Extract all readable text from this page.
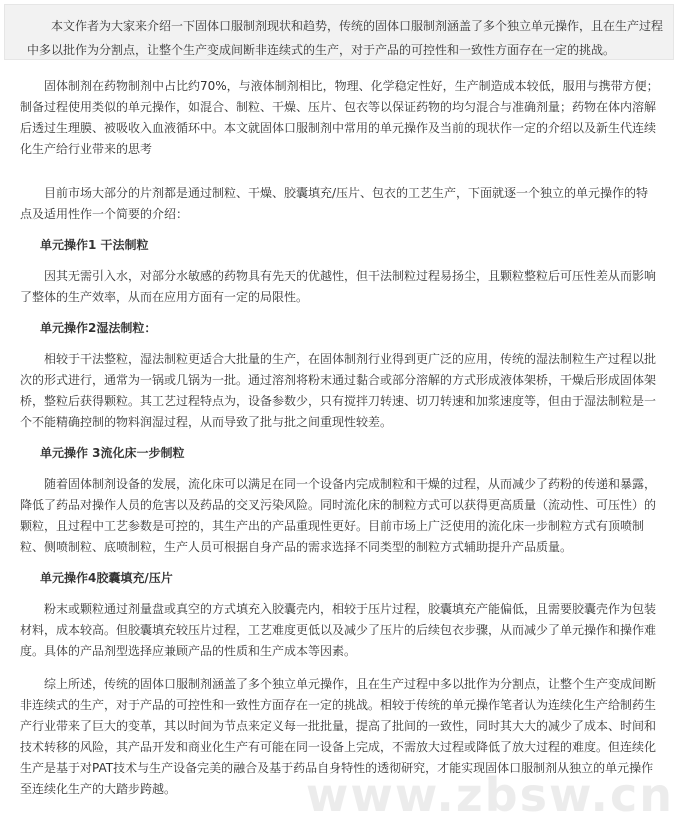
本文作者为大家来介绍一下固体口服制剂现状和趋势，传统的固体口服制剂涵盖了多个独立单元操作，且在生产过程中多以批作为分割点，让整个生产变成间断非连续式的生产，对于产品的可控性和一致性方面存在一定的挑战。

固体制剂在药物制剂中占比约70%，与液体制剂相比，物理、化学稳定性好，生产制造成本较低，服用与携带方便；制备过程使用类似的单元操作，如混合、制粒、干燥、压片、包衣等以保证药物的均匀混合与准确剂量；药物在体内溶解后透过生理膜、被吸收入血液循环中。本文就固体口服制剂中常用的单元操作及当前的现状作一定的介绍以及新生代连续化生产给行业带来的思考

目前市场大部分的片剂都是通过制粒、干燥、胶囊填充/压片、包衣的工艺生产，下面就逐一个独立的单元操作的特点及适用性作一个简要的介绍：

单元操作1 干法制粒

因其无需引入水，对部分水敏感的药物具有先天的优越性，但干法制粒过程易扬尘，且颗粒整粒后可压性差从而影响了整体的生产效率，从而在应用方面有一定的局限性。

单元操作2湿法制粒：

相较于干法整粒，湿法制粒更适合大批量的生产，在固体制剂行业得到更广泛的应用，传统的湿法制粒生产过程以批次的形式进行，通常为一锅或几锅为一批。通过溶剂将粉末通过黏合或部分溶解的方式形成液体架桥，干燥后形成固体架桥，整粒后获得颗粒。其工艺过程特点为，设备参数少，只有搅拌刀转速、切刀转速和加浆速度等，但由于湿法制粒是一个不能精确控制的物料润湿过程，从而导致了批与批之间重现性较差。

单元操作 3流化床一步制粒

随着固体制剂设备的发展，流化床可以满足在同一个设备内完成制粒和干燥的过程，从而减少了药粉的传递和暴露，降低了药品对操作人员的危害以及药品的交叉污染风险。同时流化床的制粒方式可以获得更高质量（流动性、可压性）的颗粒，且过程中工艺参数是可控的，其生产出的产品重现性更好。目前市场上广泛使用的流化床一步制粒方式有顶喷制粒、侧喷制粒、底喷制粒，生产人员可根据自身产品的需求选择不同类型的制粒方式辅助提升产品质量。

单元操作4胶囊填充/压片

粉末或颗粒通过剂量盘或真空的方式填充入胶囊壳内，相较于压片过程，胶囊填充产能偏低，且需要胶囊壳作为包装材料，成本较高。但胶囊填充较压片过程，工艺难度更低以及减少了压片的后续包衣步骤，从而减少了单元操作和操作难度。具体的产品剂型选择应兼顾产品的性质和生产成本等因素。

综上所述，传统的固体口服制剂涵盖了多个独立单元操作，且在生产过程中多以批作为分割点，让整个生产变成间断非连续式的生产，对于产品的可控性和一致性方面存在一定的挑战。相较于传统的单元操作笔者认为连续化生产给制药生产行业带来了巨大的变革，其以时间为节点来定义每一批批量，提高了批间的一致性，同时其大大的减少了成本、时间和技术转移的风险，其产品开发和商业化生产有可能在同一设备上完成，不需放大过程或降低了放大过程的难度。但连续化生产是基于对PAT技术与生产设备完美的融合及基于药品自身特性的透彻研究，才能实现固体口服制剂从独立的单元操作至连续化生产的大踏步跨越。	www.zbsw.cn
